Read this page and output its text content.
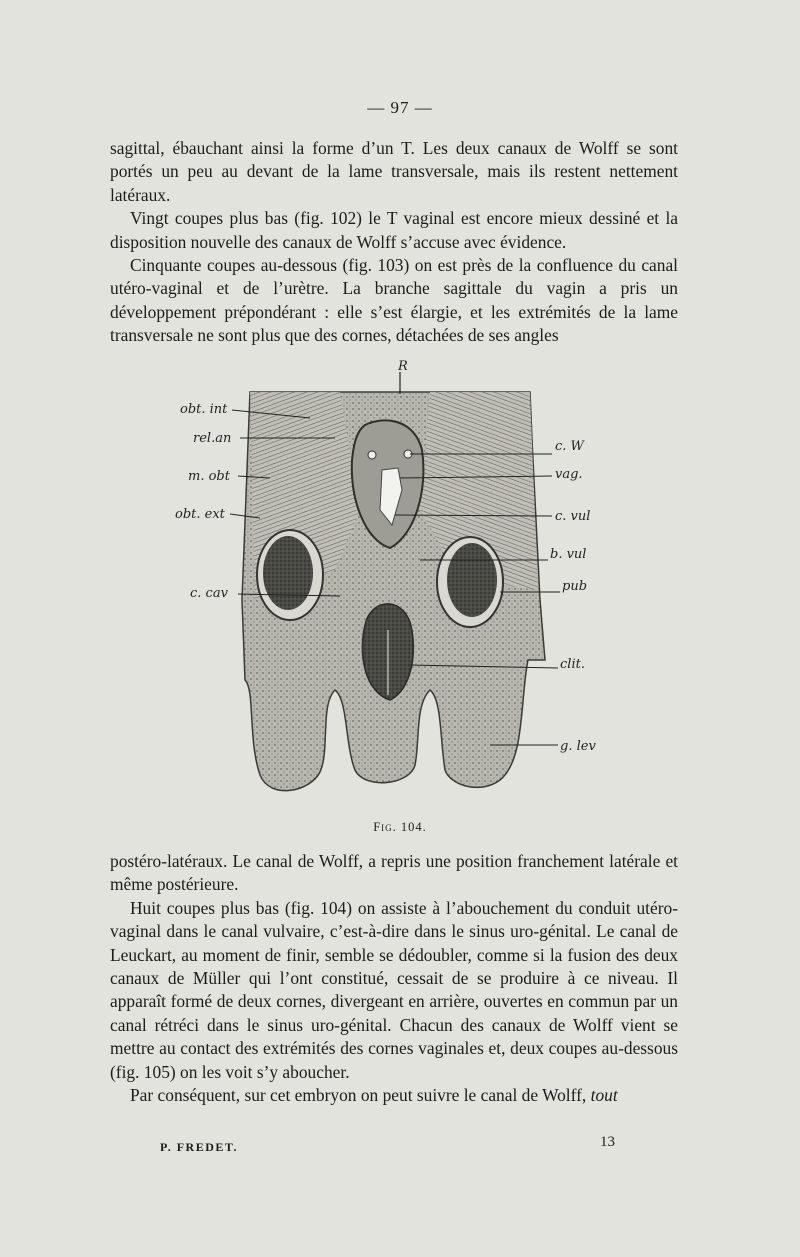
— 97 —

sagittal, ébauchant ainsi la forme d’un T. Les deux canaux de Wolff se sont portés un peu au devant de la lame transversale, mais ils restent nettement latéraux.

Vingt coupes plus bas (fig. 102) le T vaginal est encore mieux dessiné et la disposition nouvelle des canaux de Wolff s’accuse avec évidence.

Cinquante coupes au-dessous (fig. 103) on est près de la confluence du canal utéro-vaginal et de l’urètre. La branche sagittale du vagin a pris un développement prépondérant : elle s’est élargie, et les extrémités de la lame transversale ne sont plus que des cornes, détachées de ses angles

R
obt. int
rel.an
m. obt
obt. ext
c. cav
c. W
vag.
c. vul
b. vul
pub
clit.
g. lev
Fig. 104.

postéro-latéraux. Le canal de Wolff, a repris une position franchement latérale et même postérieure.

Huit coupes plus bas (fig. 104) on assiste à l’abouchement du conduit utéro-vaginal dans le canal vulvaire, c’est-à-dire dans le sinus uro-génital. Le canal de Leuckart, au moment de finir, semble se dédoubler, comme si la fusion des deux canaux de Müller qui l’ont constitué, cessait de se produire à ce niveau. Il apparaît formé de deux cornes, divergeant en arrière, ouvertes en commun par un canal rétréci dans le sinus uro-génital. Chacun des canaux de Wolff vient se mettre au contact des extrémités des cornes vaginales et, deux coupes au-dessous (fig. 105) on les voit s’y aboucher.

Par conséquent, sur cet embryon on peut suivre le canal de Wolff, tout

P. FREDET.	13
